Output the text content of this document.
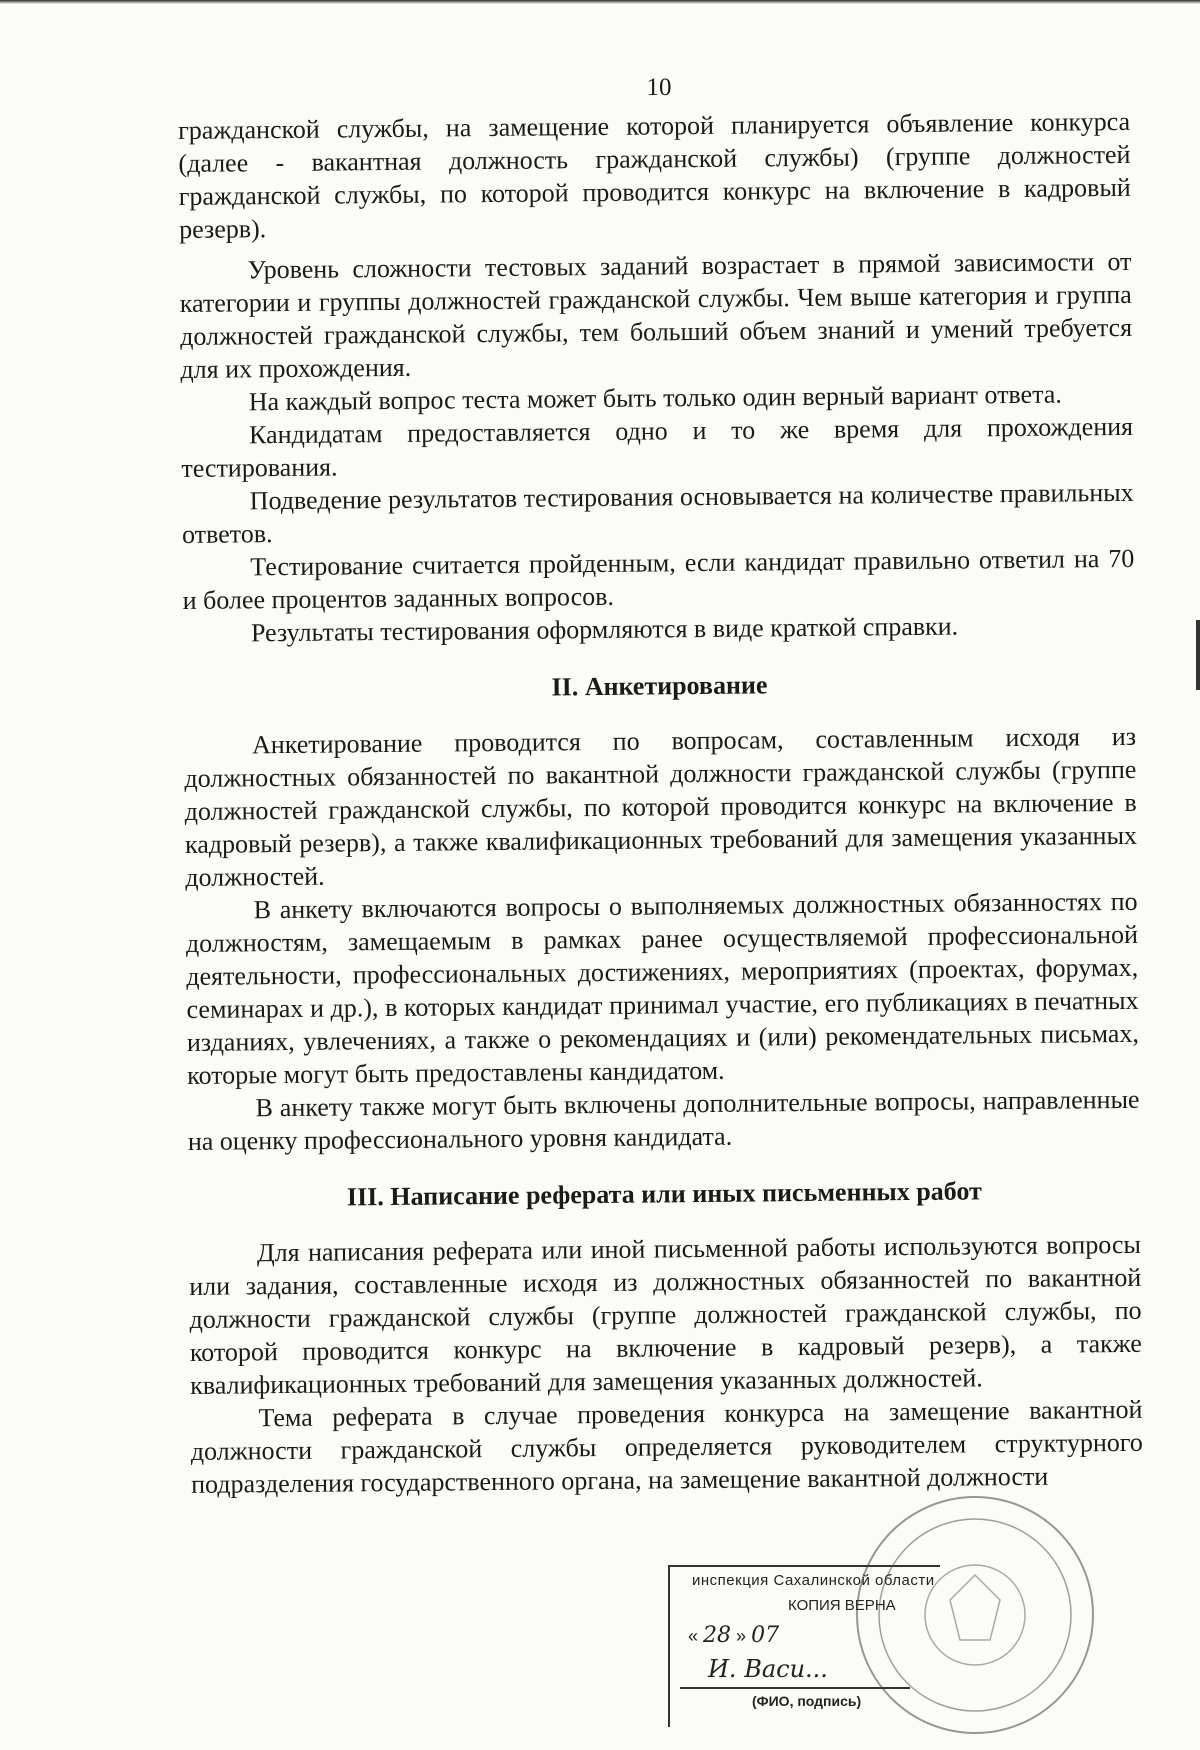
10

гражданской службы, на замещение которой планируется объявление конкурса (далее - вакантная должность гражданской службы) (группе должностей гражданской службы, по которой проводится конкурс на включение в кадровый резерв).

Уровень сложности тестовых заданий возрастает в прямой зависимости от категории и группы должностей гражданской службы. Чем выше категория и группа должностей гражданской службы, тем больший объем знаний и умений требуется для их прохождения.

На каждый вопрос теста может быть только один верный вариант ответа.

Кандидатам предоставляется одно и то же время для прохождения тестирования.

Подведение результатов тестирования основывается на количестве правильных ответов.

Тестирование считается пройденным, если кандидат правильно ответил на 70 и более процентов заданных вопросов.

Результаты тестирования оформляются в виде краткой справки.

II. Анкетирование

Анкетирование проводится по вопросам, составленным исходя из должностных обязанностей по вакантной должности гражданской службы (группе должностей гражданской службы, по которой проводится конкурс на включение в кадровый резерв), а также квалификационных требований для замещения указанных должностей.

В анкету включаются вопросы о выполняемых должностных обязанностях по должностям, замещаемым в рамках ранее осуществляемой профессиональной деятельности, профессиональных достижениях, мероприятиях (проектах, форумах, семинарах и др.), в которых кандидат принимал участие, его публикациях в печатных изданиях, увлечениях, а также о рекомендациях и (или) рекомендательных письмах, которые могут быть предоставлены кандидатом.

В анкету также могут быть включены дополнительные вопросы, направленные на оценку профессионального уровня кандидата.

III. Написание реферата или иных письменных работ

Для написания реферата или иной письменной работы используются вопросы или задания, составленные исходя из должностных обязанностей по вакантной должности гражданской службы (группе должностей гражданской службы, по которой проводится конкурс на включение в кадровый резерв), а также квалификационных требований для замещения указанных должностей.

Тема реферата в случае проведения конкурса на замещение вакантной должности гражданской службы определяется руководителем структурного подразделения государственного органа, на замещение вакантной должности

инспекция Сахалинской области
КОПИЯ ВЕРНА
« 28 » 07
И. Васи...
(ФИО, подпись)
